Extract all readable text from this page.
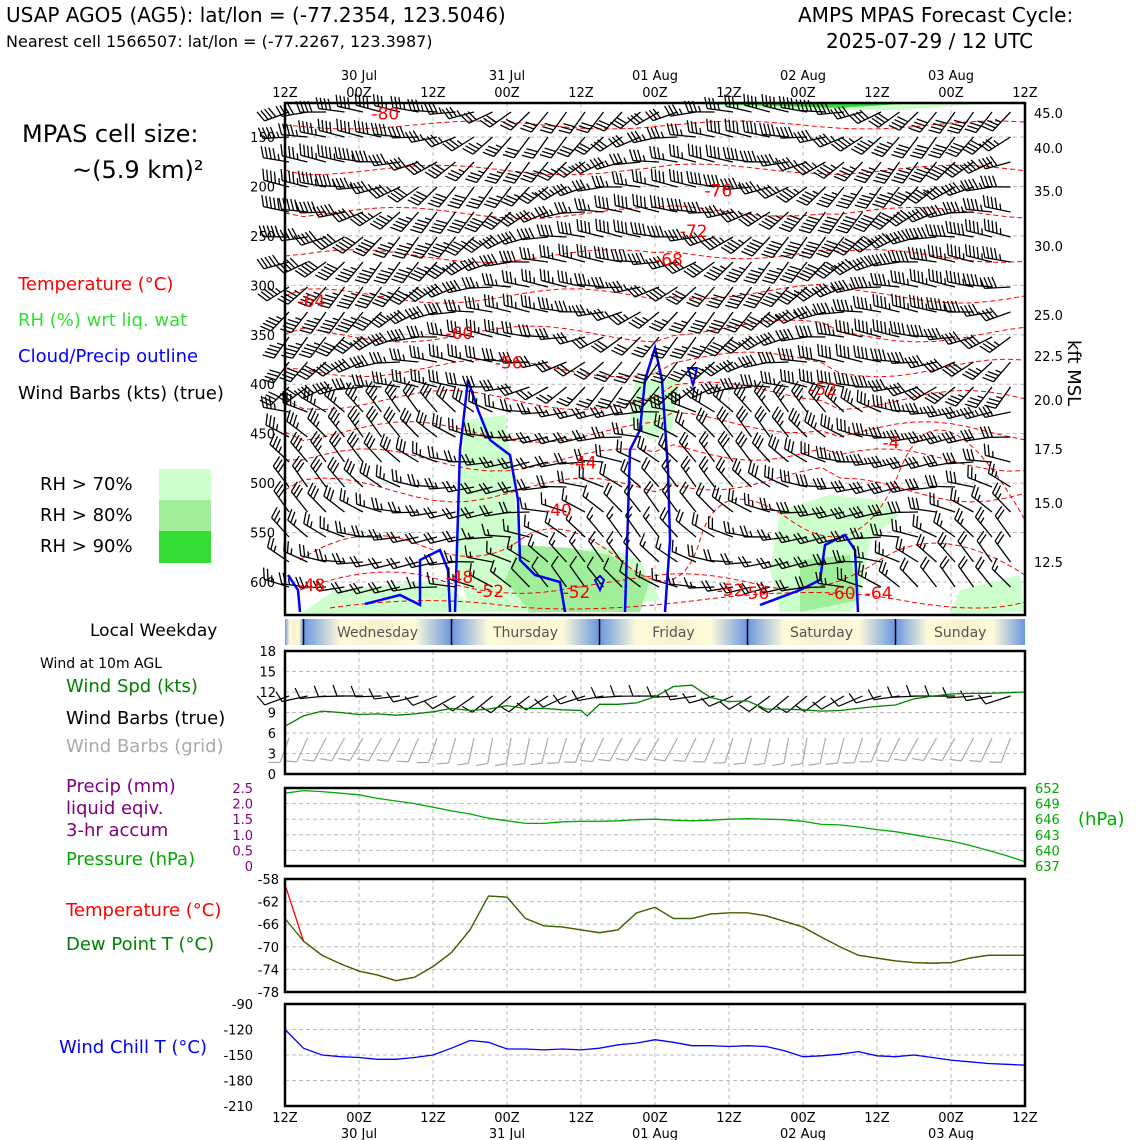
USAP AGO5 (AG5): lat/lon = (-77.2354, 123.5046)
Nearest cell 1566507: lat/lon = (-77.2267, 123.3987)
AMPS MPAS Forecast Cycle:
2025-07-29 / 12 UTC
MPAS cell size:
~(5.9 km)²
Temperature (°C)
RH (%) wrt liq. wat
Cloud/Precip outline
Wind Barbs (kts) (true)
RH > 70%
RH > 80%
RH > 90%
Local Weekday
Wind at 10m AGL
Wind Spd (kts)
Wind Barbs (true)
Wind Barbs (grid)
Precip (mm)
liquid eqiv.
3-hr accum
Pressure (hPa)
Temperature (°C)
Dew Point T (°C)
Wind Chill T (°C)
(hPa)
kft MSL
-80
-76
-72
-68
-64
-60
-56
-52
-4
-44
-40
-48
-48	-52	-52	-52
-56	-60 -64
150
200
250
300
350
400
450
500
550
600
45.0
40.0
35.0
30.0
25.0
22.5
20.0
17.5
15.0
12.5
12Z	00Z	12Z	00Z	12Z	00Z	12Z	00Z	12Z	00Z	12Z
30 Jul	31 Jul	01 Aug	02 Aug	03 Aug
Wednesday	Thursday	Friday	Saturday	Sunday
0
3
6
9
12
15
18
0
0.5
1.0
1.5
2.0
2.5
637
640
643
646
649
652
-78
-74
-70
-66
-62
-58
-210
-180
-150
-120
-90
12Z	00Z	12Z	00Z	12Z	00Z	12Z	00Z	12Z	00Z	12Z
30 Jul	31 Jul	01 Aug	02 Aug	03 Aug
